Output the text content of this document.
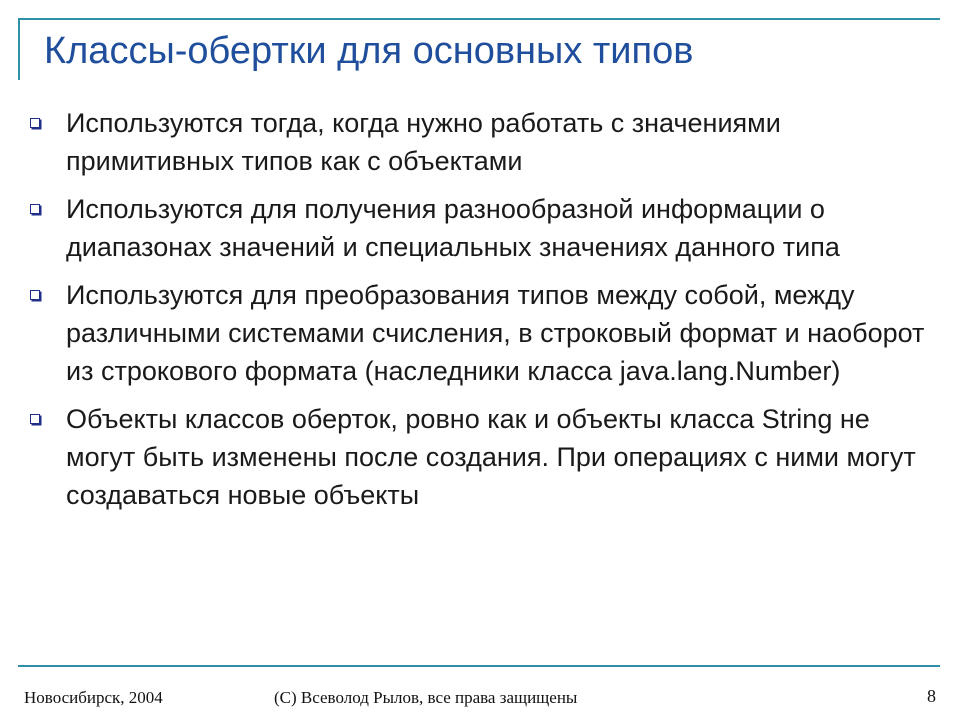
Классы-обертки для основных типов
Используются тогда, когда нужно работать с значениями примитивных типов как с объектами
Используются для получения разнообразной информации о диапазонах значений и специальных значениях данного типа
Используются для преобразования типов между собой, между различными системами счисления, в строковый формат и наоборот из строкового формата (наследники класса java.lang.Number)
Объекты классов оберток, ровно как и объекты класса String не могут быть изменены после создания. При операциях с ними могут создаваться новые объекты
Новосибирск, 2004	(C) Всеволод Рылов, все права защищены	8
